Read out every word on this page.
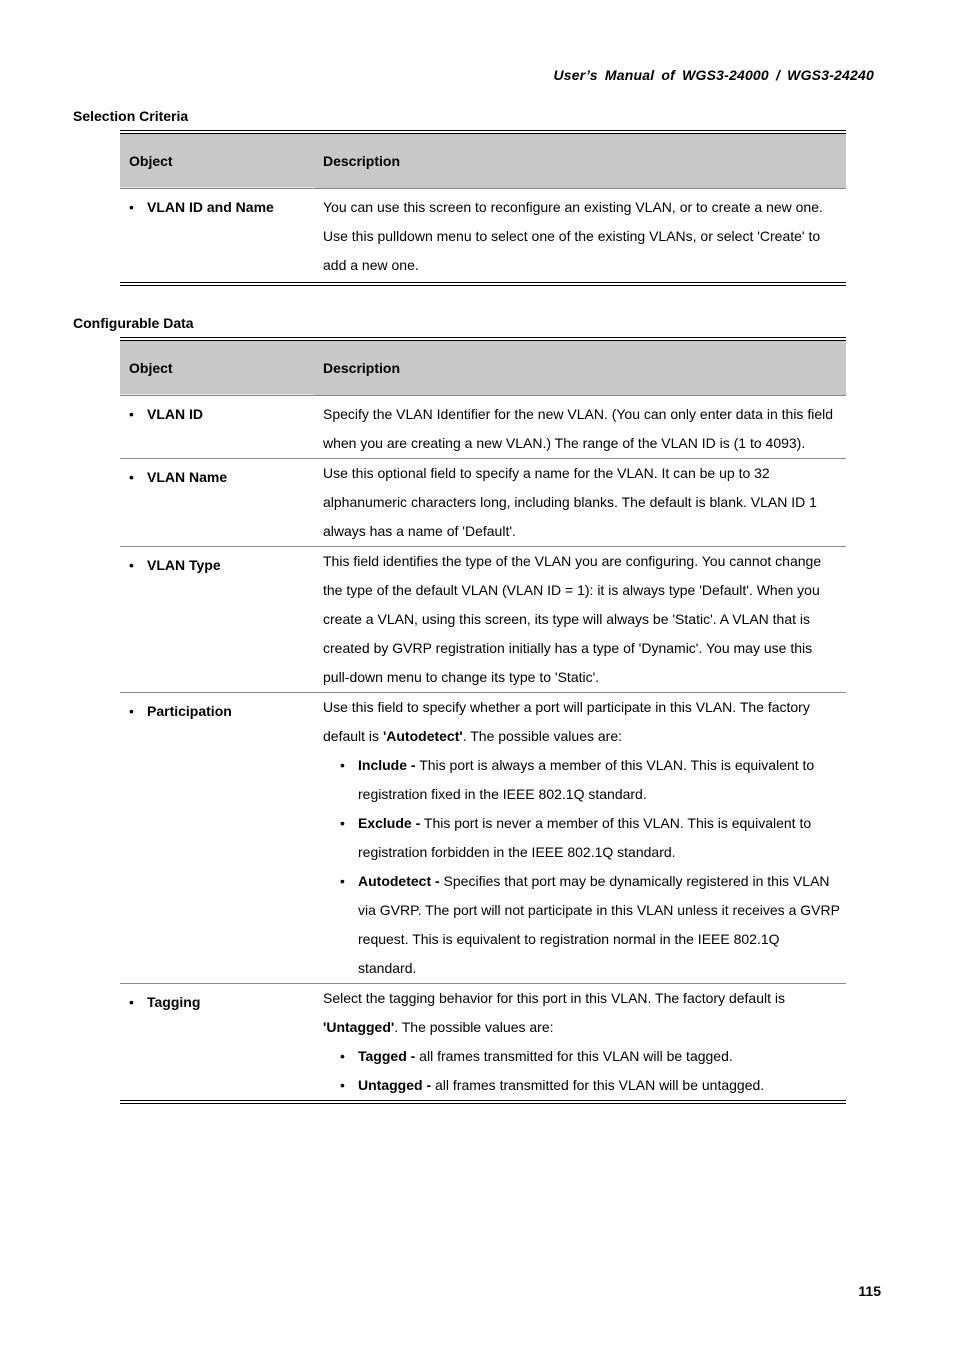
User’s Manual of WGS3-24000 / WGS3-24240
Selection Criteria
Object	Description
• VLAN ID and Name	You can use this screen to reconfigure an existing VLAN, or to create a new one. Use this pulldown menu to select one of the existing VLANs, or select 'Create' to add a new one.
Configurable Data
Object	Description
• VLAN ID	Specify the VLAN Identifier for the new VLAN. (You can only enter data in this field when you are creating a new VLAN.) The range of the VLAN ID is (1 to 4093).
• VLAN Name	Use this optional field to specify a name for the VLAN. It can be up to 32 alphanumeric characters long, including blanks. The default is blank. VLAN ID 1 always has a name of 'Default'.
• VLAN Type	This field identifies the type of the VLAN you are configuring. You cannot change the type of the default VLAN (VLAN ID = 1): it is always type 'Default'. When you create a VLAN, using this screen, its type will always be 'Static'. A VLAN that is created by GVRP registration initially has a type of 'Dynamic'. You may use this pull-down menu to change its type to 'Static'.
• Participation	Use this field to specify whether a port will participate in this VLAN. The factory default is 'Autodetect'. The possible values are:
• Include - This port is always a member of this VLAN. This is equivalent to registration fixed in the IEEE 802.1Q standard.
• Exclude - This port is never a member of this VLAN. This is equivalent to registration forbidden in the IEEE 802.1Q standard.
• Autodetect - Specifies that port may be dynamically registered in this VLAN via GVRP. The port will not participate in this VLAN unless it receives a GVRP request. This is equivalent to registration normal in the IEEE 802.1Q standard.
• Tagging	Select the tagging behavior for this port in this VLAN. The factory default is 'Untagged'. The possible values are:
• Tagged - all frames transmitted for this VLAN will be tagged.
• Untagged - all frames transmitted for this VLAN will be untagged.
115
